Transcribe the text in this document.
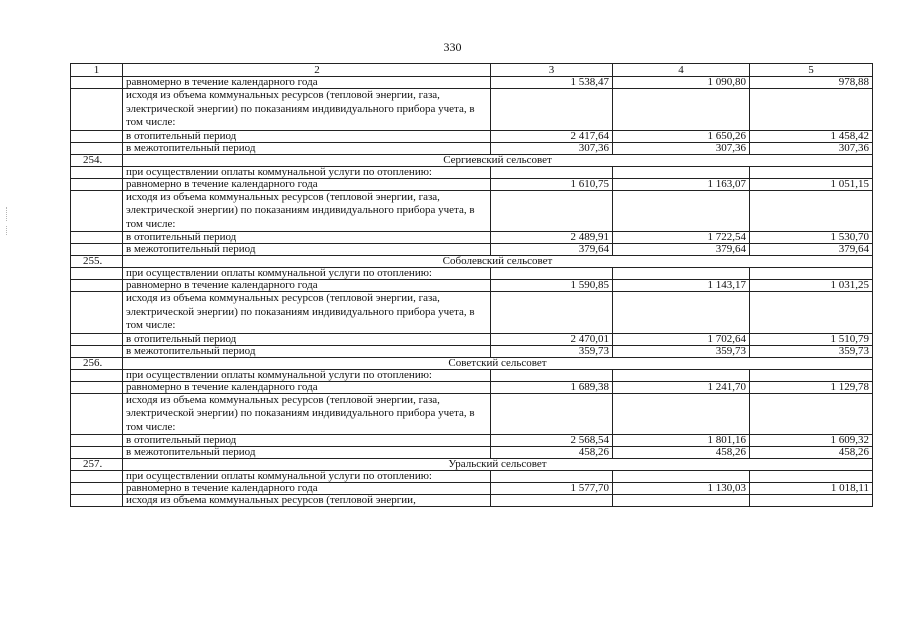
330
1	2	3	4	5
	равномерно в течение календарного года	1 538,47	1 090,80	978,88
	исходя из объема коммунальных ресурсов (тепловой энергии, газа, электрической энергии) по показаниям индивидуального прибора учета, в том числе:			
	в отопительный период	2 417,64	1 650,26	1 458,42
	в межотопительный период	307,36	307,36	307,36
254.	Сергиевский сельсовет			
	при осуществлении оплаты коммунальной услуги по отоплению:			
	равномерно в течение календарного года	1 610,75	1 163,07	1 051,15
	исходя из объема коммунальных ресурсов (тепловой энергии, газа, электрической энергии) по показаниям индивидуального прибора учета, в том числе:			
	в отопительный период	2 489,91	1 722,54	1 530,70
	в межотопительный период	379,64	379,64	379,64
255.	Соболевский сельсовет			
	при осуществлении оплаты коммунальной услуги по отоплению:			
	равномерно в течение календарного года	1 590,85	1 143,17	1 031,25
	исходя из объема коммунальных ресурсов (тепловой энергии, газа, электрической энергии) по показаниям индивидуального прибора учета, в том числе:			
	в отопительный период	2 470,01	1 702,64	1 510,79
	в межотопительный период	359,73	359,73	359,73
256.	Советский сельсовет			
	при осуществлении оплаты коммунальной услуги по отоплению:			
	равномерно в течение календарного года	1 689,38	1 241,70	1 129,78
	исходя из объема коммунальных ресурсов (тепловой энергии, газа, электрической энергии) по показаниям индивидуального прибора учета, в том числе:			
	в отопительный период	2 568,54	1 801,16	1 609,32
	в межотопительный период	458,26	458,26	458,26
257.	Уральский сельсовет			
	при осуществлении оплаты коммунальной услуги по отоплению:			
	равномерно в течение календарного года	1 577,70	1 130,03	1 018,11
	исходя из объема коммунальных ресурсов (тепловой энергии,			
